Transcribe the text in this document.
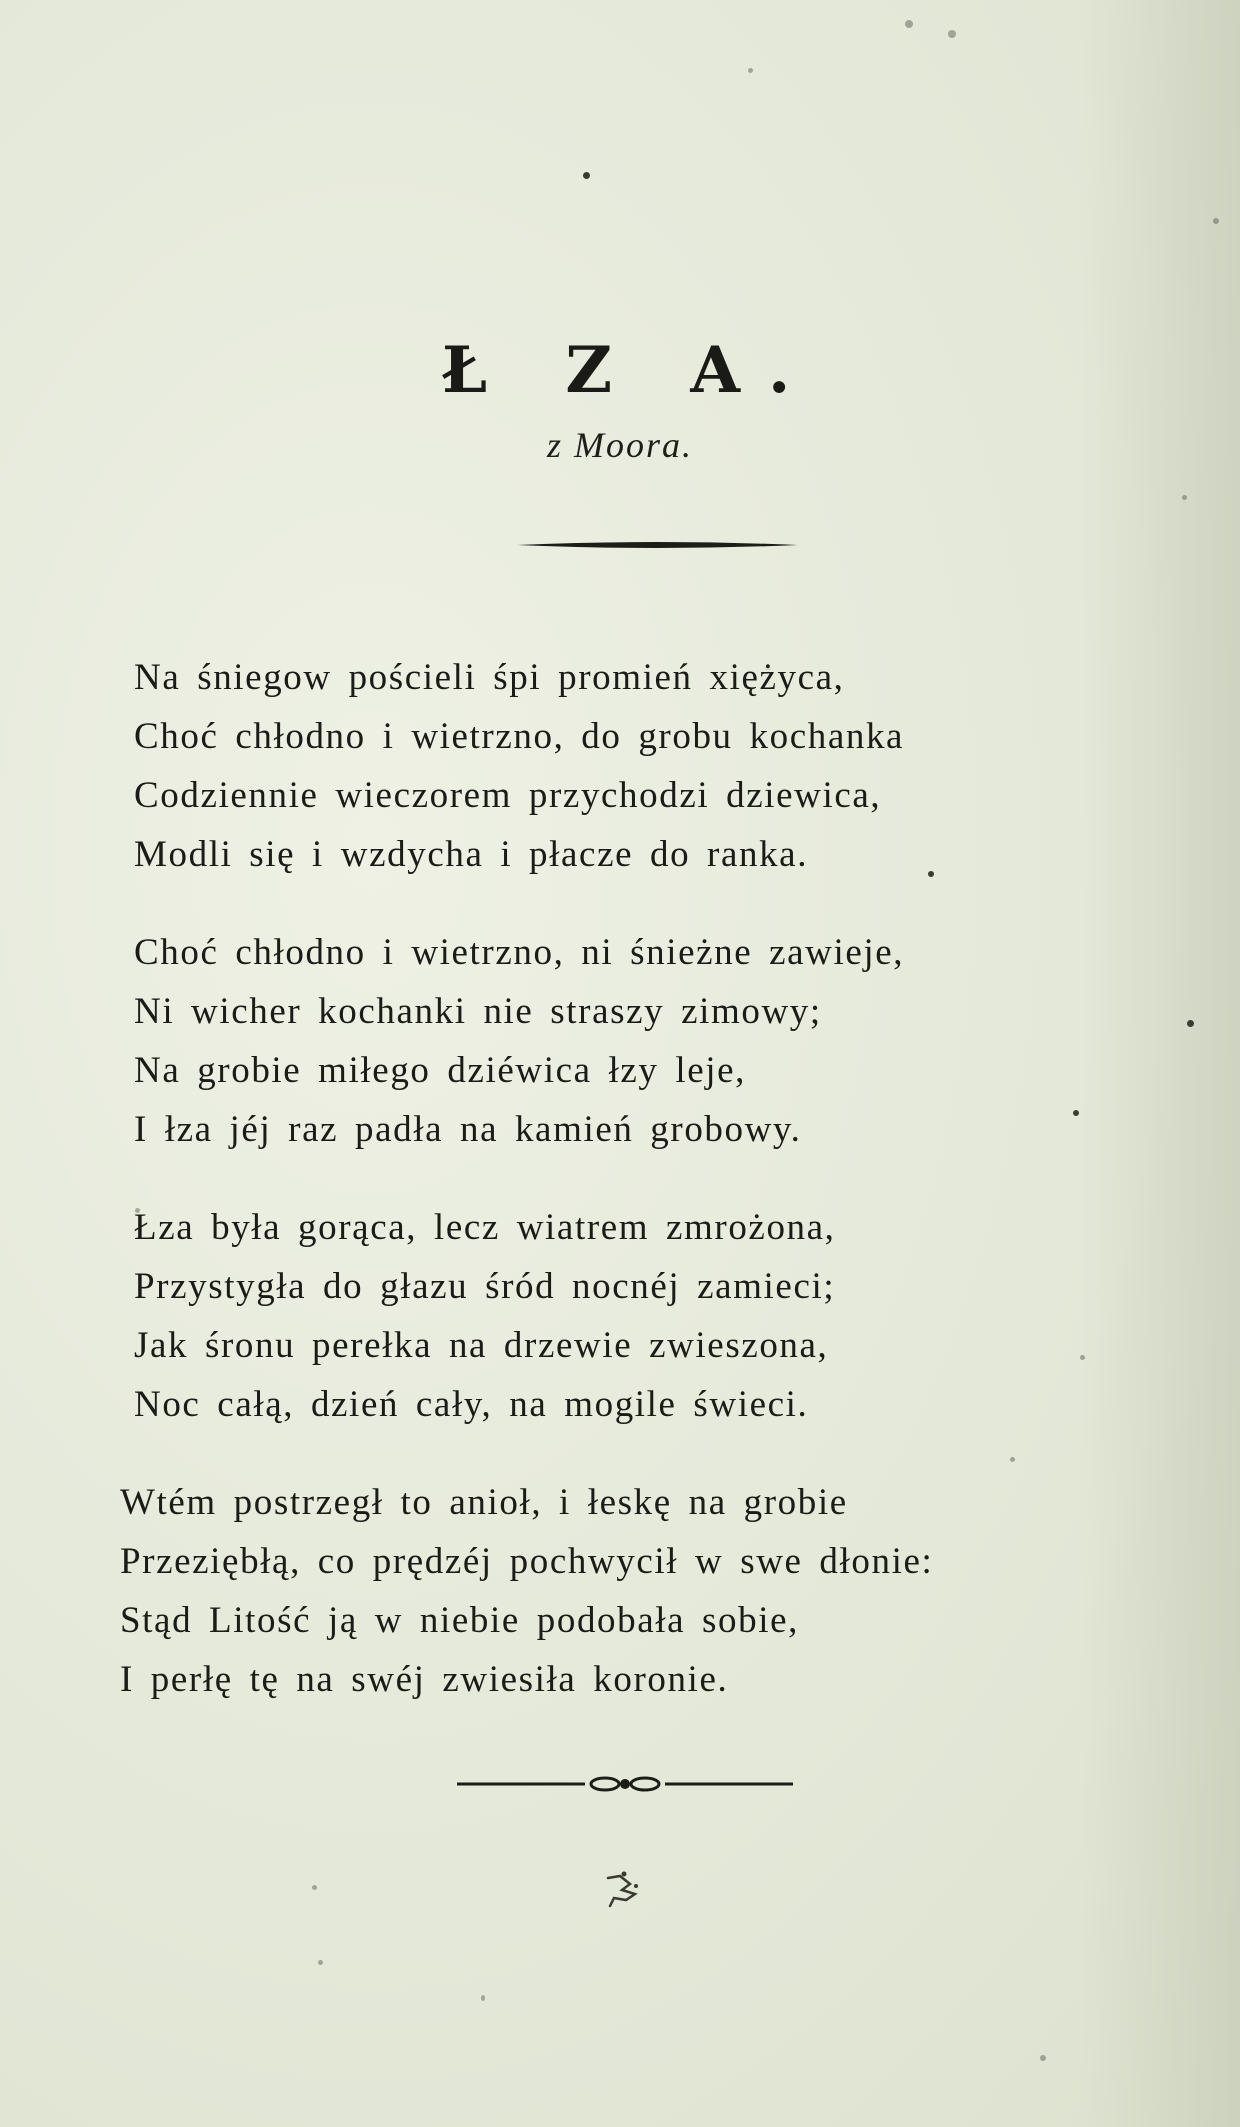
Ł Z A.
z Moora.
Na śniegow pościeli śpi promień xiężyca,
Choć chłodno i wietrzno, do grobu kochanka
Codziennie wieczorem przychodzi dziewica,
Modli się i wzdycha i płacze do ranka.
Choć chłodno i wietrzno, ni śnieżne zawieje,
Ni wicher kochanki nie straszy zimowy;
Na grobie miłego dziéwica łzy leje,
I łza jéj raz padła na kamień grobowy.
Łza była gorąca, lecz wiatrem zmrożona,
Przystygła do głazu śród nocnéj zamieci;
Jak śronu perełka na drzewie zwieszona,
Noc całą, dzień cały, na mogile świeci.
Wtém postrzegł to anioł, i łeskę na grobie
Przeziębłą, co prędzéj pochwycił w swe dłonie:
Stąd Litość ją w niebie podobała sobie,
I perłę tę na swéj zwiesiła koronie.
